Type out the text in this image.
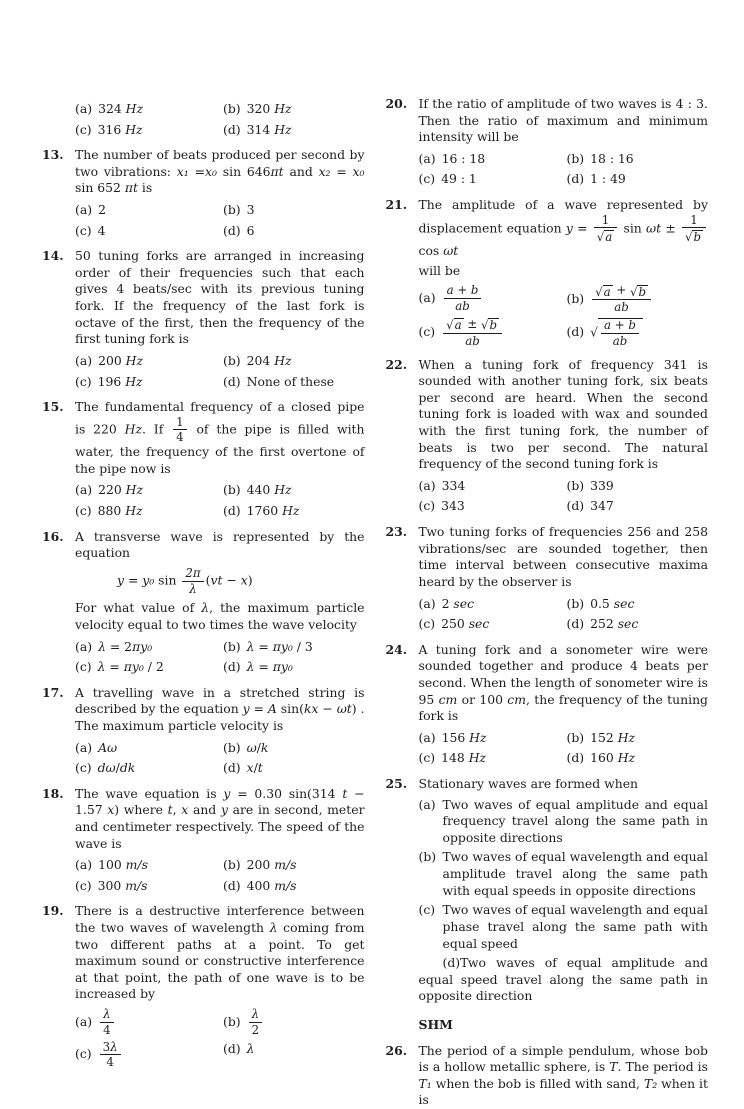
(a) 324 Hz	(b) 320 Hz
(c) 316 Hz	(d) 314 Hz
13. The number of beats produced per second by two vibrations: x₁ =x₀ sin 646πt and x₂ = x₀ sin 652 πt is
(a) 2	(b) 3
(c) 4	(d) 6
14. 50 tuning forks are arranged in increasing order of their frequencies such that each gives 4 beats/sec with its previous tuning fork. If the frequency of the last fork is octave of the first, then the frequency of the first tuning fork is
(a) 200 Hz	(b) 204 Hz
(c) 196 Hz	(d) None of these
15. The fundamental frequency of a closed pipe is 220 Hz. If $\frac{1}{4}$ of the pipe is filled with water, the frequency of the first overtone of the pipe now is
(a) 220 Hz	(b) 440 Hz
(c) 880 Hz	(d) 1760 Hz
16. A transverse wave is represented by the equation
y = y₀ $\sin \frac{2\pi}{\lambda} (vt - x)$
For what value of λ, the maximum particle velocity equal to two times the wave velocity
(a) λ = 2πy₀	(b) λ = πy₀ / 3
(c) λ = πy₀ / 2	(d) λ = πy₀
17. A travelling wave in a stretched string is described by the equation y = A sin(kx − ωt) . The maximum particle velocity is
(a) Aω	(b) ω/k
(c) dω/dk	(d) x/t
18. The wave equation is y = 0.30 sin(314 t − 1.57 x) where t, x and y are in second, meter and centimeter respectively. The speed of the wave is
(a) 100 m/s	(b) 200 m/s
(c) 300 m/s	(d) 400 m/s
19. There is a destructive interference between the two waves of wavelength λ coming from two different paths at a point. To get maximum sound or constructive interference at that point, the path of one wave is to be increased by
$(a) \frac{\lambda}{4}$	$(b) \frac{\lambda}{2}$
$(c) \frac{3\lambda}{4}$	(d) λ
20. If the ratio of amplitude of two waves is 4 : 3. Then the ratio of maximum and minimum intensity will be
(a) 16 : 18	(b) 18 : 16
(c) 49 : 1	(d) 1 : 49
21. The amplitude of a wave represented by displacement equation $y = \frac{1}{√a}$ $\sin \omega t \pm \frac{1}{√b}$
cos ωt
will be
$(a) \frac{a + b}{ab}$	$(b) \frac{√a + √b}{ab}$
$(c) \frac{√a \pm √b}{ab}$	(d) √ $\frac{a + b}{ab}$
22. When a tuning fork of frequency 341 is sounded with another tuning fork, six beats per second are heard. When the second tuning fork is loaded with wax and sounded with the first tuning fork, the number of beats is two per second. The natural frequency of the second tuning fork is
(a) 334	(b) 339
(c) 343	(d) 347
23. Two tuning forks of frequencies 256 and 258 vibrations/sec are sounded together, then time interval between consecutive maxima heard by the observer is
(a) 2 sec	(b) 0.5 sec
(c) 250 sec	(d) 252 sec
24. A tuning fork and a sonometer wire were sounded together and produce 4 beats per second. When the length of sonometer wire is 95 cm or 100 cm, the frequency of the tuning fork is
(a) 156 Hz	(b) 152 Hz
(c) 148 Hz	(d) 160 Hz
25. Stationary waves are formed when
(a) Two waves of equal amplitude and equal frequency travel along the same path in opposite directions
(b) Two waves of equal wavelength and equal amplitude travel along the same path with equal speeds in opposite directions
(c) Two waves of equal wavelength and equal phase travel along the same path with equal speed
(d)Two waves of equal amplitude and equal speed travel along the same path in opposite direction
SHM
26. The period of a simple pendulum, whose bob is a hollow metallic sphere, is T. The period is T₁ when the bob is filled with sand, T₂ when it is
